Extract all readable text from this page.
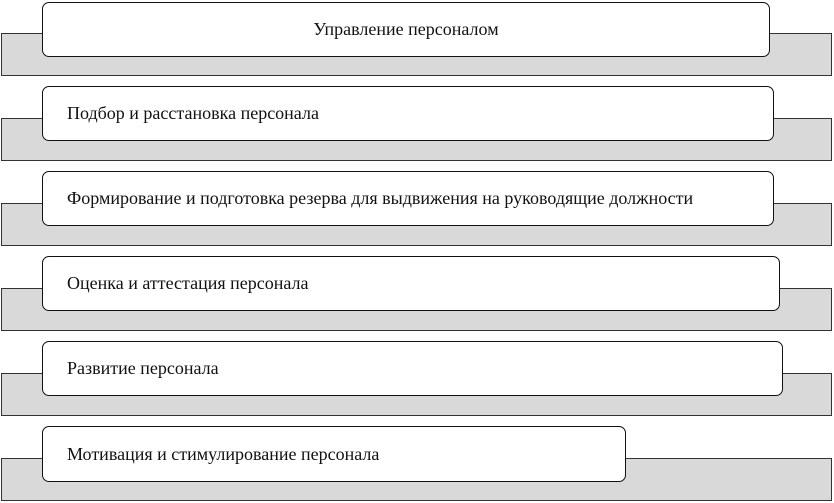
Управление персоналом
Подбор и расстановка персонала
Формирование и подготовка резерва для выдвижения на руководящие должности
Оценка и аттестация персонала
Развитие персонала
Мотивация и стимулирование персонала
